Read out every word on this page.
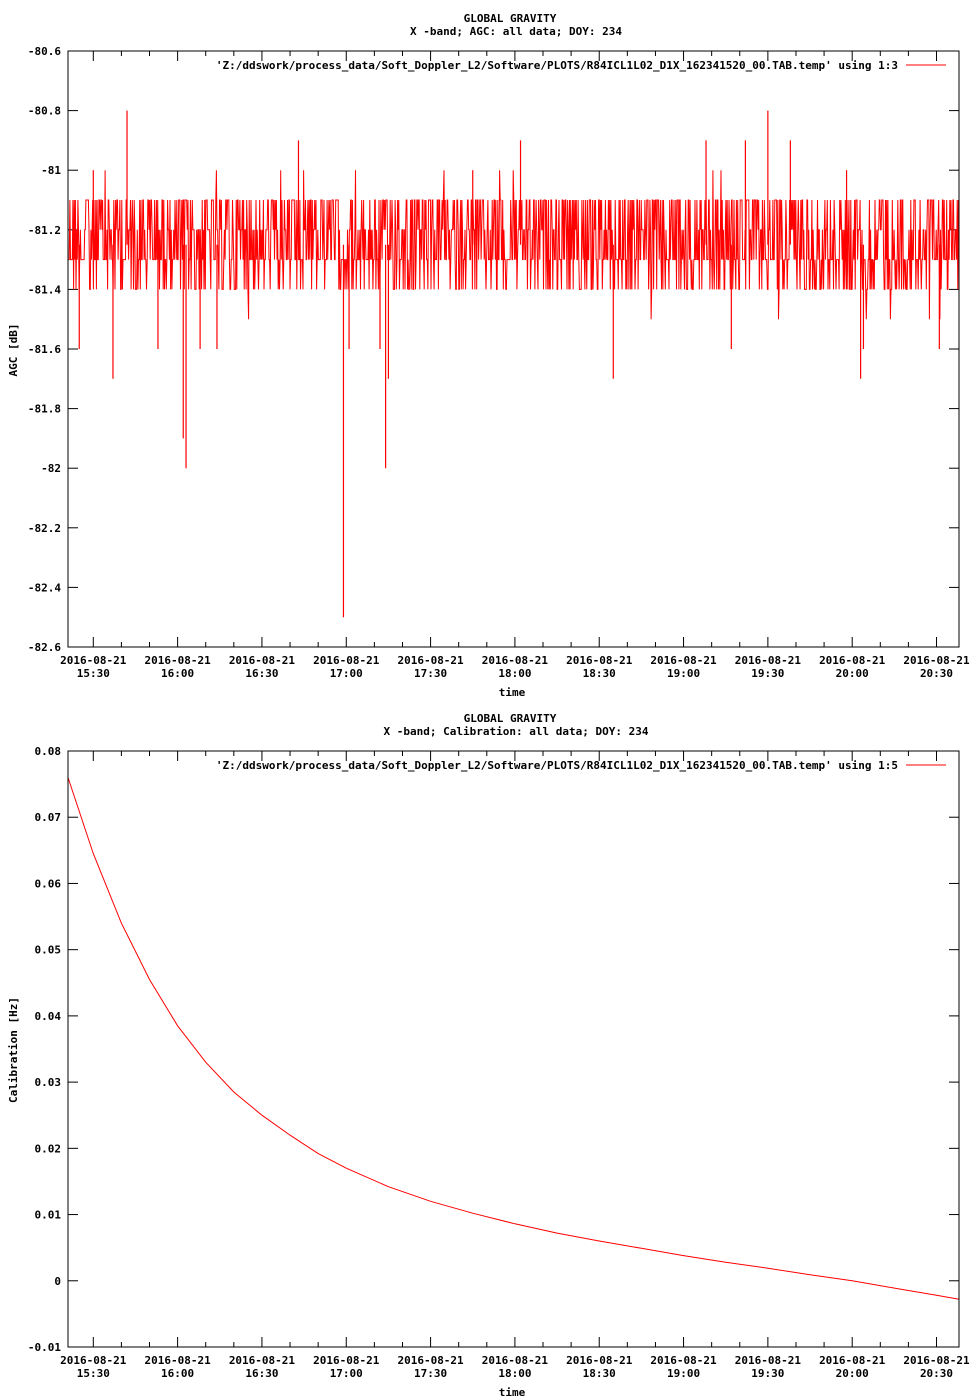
GLOBAL GRAVITY
X -band; AGC: all data; DOY: 234
AGC [dB]
time
'Z:/ddswork/process_data/Soft_Doppler_L2/Software/PLOTS/R84ICL1L02_D1X_162341520_00.TAB.temp' using 1:3
2016-08-21
15:30
2016-08-21
16:00
2016-08-21
16:30
2016-08-21
17:00
2016-08-21
17:30
2016-08-21
18:00
2016-08-21
18:30
2016-08-21
19:00
2016-08-21
19:30
2016-08-21
20:00
2016-08-21
20:30
-80.6
-80.8
-81
-81.2
-81.4
-81.6
-81.8
-82
-82.2
-82.4
-82.6
GLOBAL GRAVITY
X -band; Calibration: all data; DOY: 234
Calibration [Hz]
time
'Z:/ddswork/process_data/Soft_Doppler_L2/Software/PLOTS/R84ICL1L02_D1X_162341520_00.TAB.temp' using 1:5
2016-08-21
15:30
2016-08-21
16:00
2016-08-21
16:30
2016-08-21
17:00
2016-08-21
17:30
2016-08-21
18:00
2016-08-21
18:30
2016-08-21
19:00
2016-08-21
19:30
2016-08-21
20:00
2016-08-21
20:30
0.08
0.07
0.06
0.05
0.04
0.03
0.02
0.01
0
-0.01
